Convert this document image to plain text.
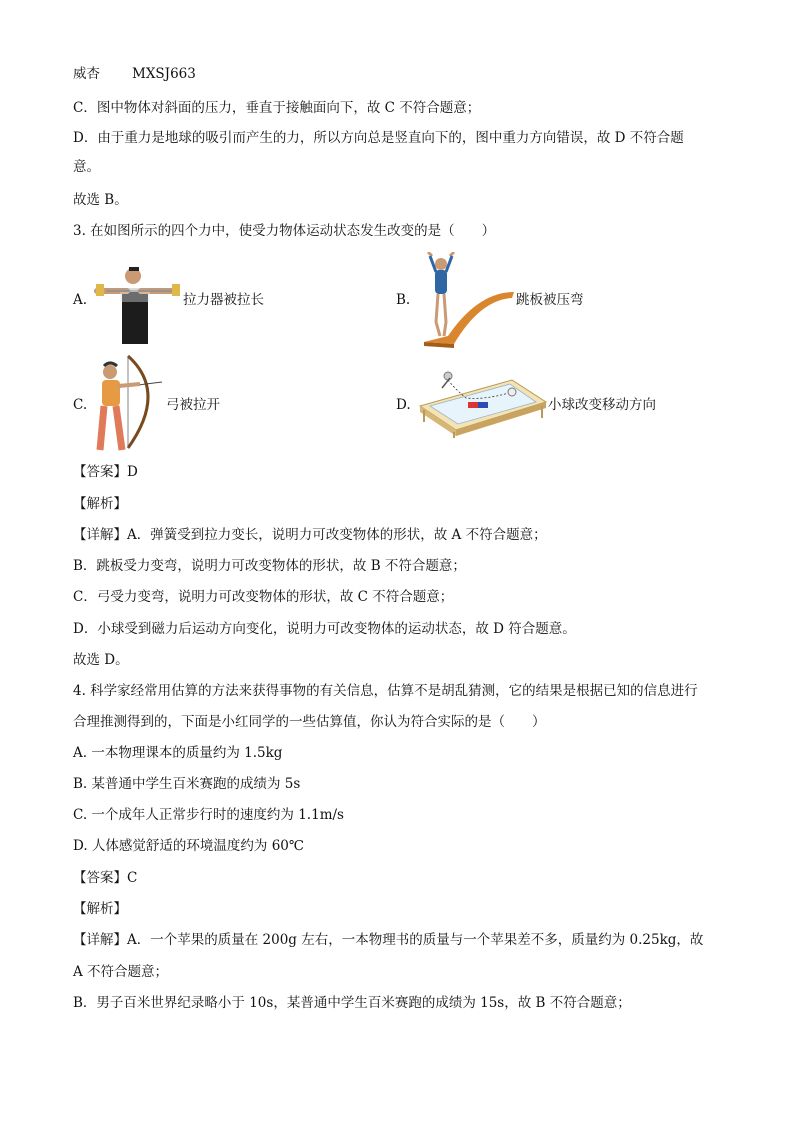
威杏 MXSJ663
C．图中物体对斜面的压力，垂直于接触面向下，故 C 不符合题意；
D．由于重力是地球的吸引而产生的力，所以方向总是竖直向下的，图中重力方向错误，故 D 不符合题
意。
故选 B。
3. 在如图所示的四个力中，使受力物体运动状态发生改变的是（　　）
A.	拉力器被拉长	B.	跳板被压弯
C.	弓被拉开	D.	小球改变移动方向
【答案】D
【解析】
【详解】A．弹簧受到拉力变长，说明力可改变物体的形状，故 A 不符合题意；
B．跳板受力变弯，说明力可改变物体的形状，故 B 不符合题意；
C．弓受力变弯，说明力可改变物体的形状，故 C 不符合题意；
D．小球受到磁力后运动方向变化，说明力可改变物体的运动状态，故 D 符合题意。
故选 D。
4. 科学家经常用估算的方法来获得事物的有关信息，估算不是胡乱猜测，它的结果是根据已知的信息进行
合理推测得到的，下面是小红同学的一些估算值，你认为符合实际的是（　　）
A. 一本物理课本的质量约为 1.5kg
B. 某普通中学生百米赛跑的成绩为 5s
C. 一个成年人正常步行时的速度约为 1.1m/s
D. 人体感觉舒适的环境温度约为 60℃
【答案】C
【解析】
【详解】A．一个苹果的质量在 200g 左右，一本物理书的质量与一个苹果差不多，质量约为 0.25kg，故
A 不符合题意；
B．男子百米世界纪录略小于 10s，某普通中学生百米赛跑的成绩为 15s，故 B 不符合题意；
